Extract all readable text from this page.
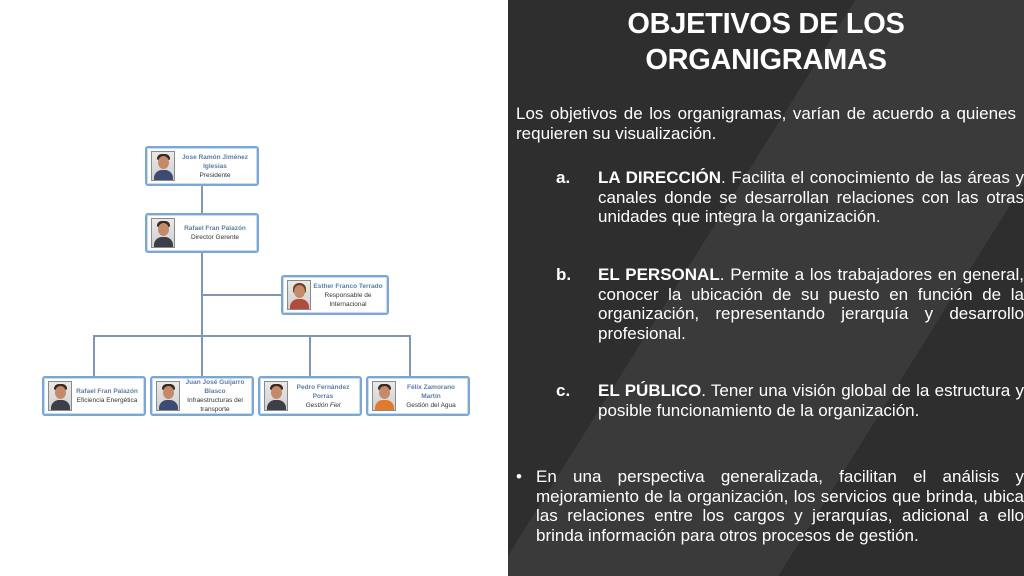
Jose Ramón Jiménez Iglesias
Presidente
Rafael Fran Palazón
Director Gerente
Esther Franco Terrado
Responsable de Internacional
Rafael Fran Palazón
Eficiencia Energética
Juan José Guijarro Blasco
Infraestructuras del transporte
Pedro Fernández Porras
Gestión Fiel
Félix Zamorano Martín
Gestión del Agua
OBJETIVOS DE LOS
ORGANIGRAMAS

Los objetivos de los organigramas, varían de acuerdo a quienes requieren su visualización.

a. LA DIRECCIÓN. Facilita el conocimiento de las áreas y canales donde se desarrollan relaciones con las otras unidades que integra la organización.
b. EL PERSONAL. Permite a los trabajadores en general, conocer la ubicación de su puesto en función de la organización, representando jerarquía y desarrollo profesional.
c. EL PÚBLICO. Tener una visión global de la estructura y posible funcionamiento de la organización.
• En una perspectiva generalizada, facilitan el análisis y mejoramiento de la organización, los servicios que brinda, ubica las relaciones entre los cargos y jerarquías, adicional a ello brinda información para otros procesos de gestión.
